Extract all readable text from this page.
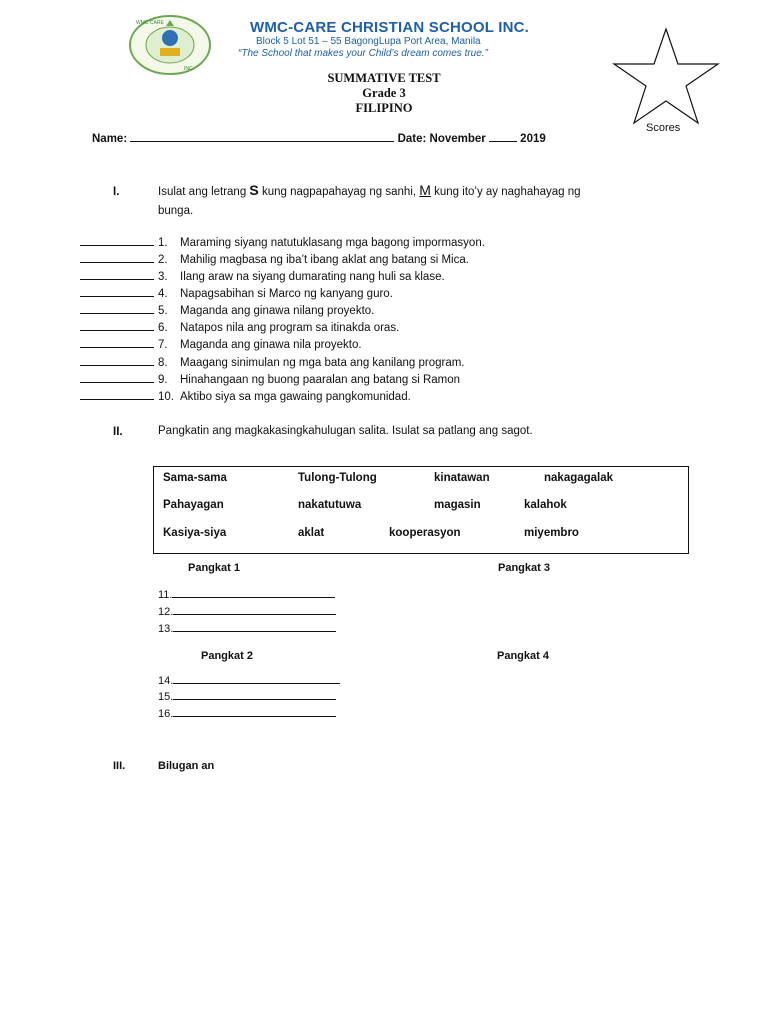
WMC CARE
INC.
WMC-CARE CHRISTIAN SCHOOL INC.
Block 5 Lot 51 – 55 BagongLupa Port Area, Manila
“The School that makes your Child’s dream comes true.”
SUMMATIVE TEST
Grade 3
FILIPINO
Scores
Name:	Date: November	2019
I.	Isulat ang letrang S kung nagpapahayag ng sanhi, M kung ito’y ay naghahayag ng
bunga.
1. Maraming siyang natutuklasang mga bagong impormasyon.
2. Mahilig magbasa ng iba’t ibang aklat ang batang si Mica.
3. Ilang araw na siyang dumarating nang huli sa klase.
4. Napagsabihan si Marco ng kanyang guro.
5. Maganda ang ginawa nilang proyekto.
6. Natapos nila ang program sa itinakda oras.
7. Maganda ang ginawa nila proyekto.
8. Maagang sinimulan ng mga bata ang kanilang program.
9. Hinahangaan ng buong paaralan ang batang si Ramon
10. Aktibo siya sa mga gawaing pangkomunidad.
II.	Pangkatin ang magkakasingkahulugan salita. Isulat sa patlang ang sagot.
Sama-sama	Tulong-Tulong	kinatawan	nakagagalak
Pahayagan	nakatutuwa	magasin	kalahok
Kasiya-siya	aklat	kooperasyon	miyembro
Pangkat 1	Pangkat 3
11.
12.
13.
Pangkat 2	Pangkat 4
14.
15.
16.
III.	Bilugan an
